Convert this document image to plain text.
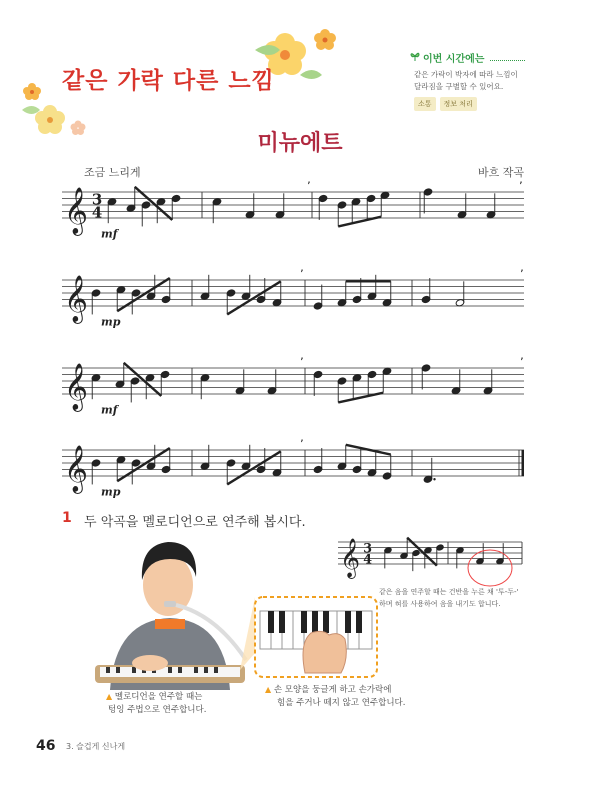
같은 가락 다른 느낌
이번 시간에는
같은 가락이 박자에 따라 느낌이
달라짐을 구별할 수 있어요.
소통	정보 처리
미뉴에트
조금 느리게	바흐 작곡
𝄞 3
4
mf
’	’
𝄞
mp
’	’
𝄞
mf
’	’
𝄞
mp
’
1 두 악곡을 멜로디언으로 연주해 봅시다.
𝄞 3
4
같은 음을 연주할 때는 건반을 누른 채 '투-두-'
하며 혀를 사용하여 음을 내기도 합니다.
▲ 멜로디언을 연주할 때는
텅잉 주법으로 연주합니다.
▲ 손 모양을 둥글게 하고 손가락에
힘을 주거나 떼지 않고 연주합니다.
46 3. 슬겁게 신나게
